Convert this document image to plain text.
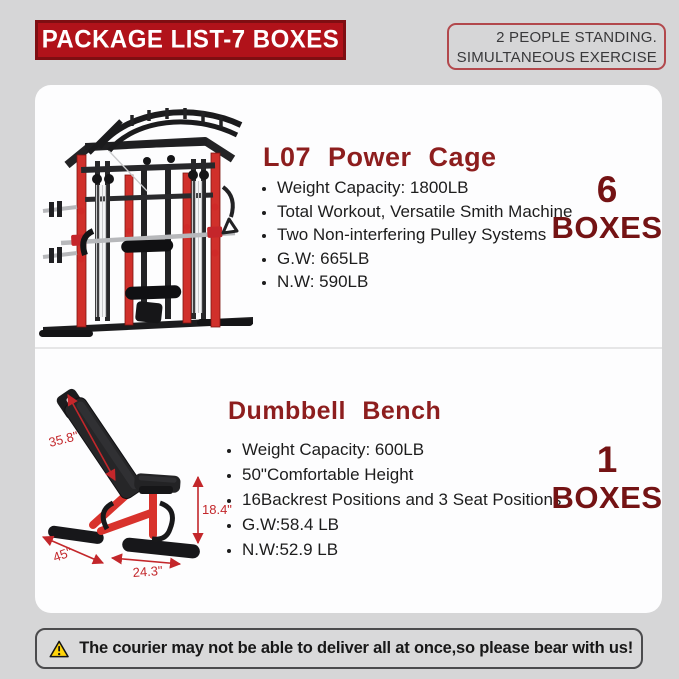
PACKAGE LIST-7 BOXES	2 PEOPLE STANDING.
SIMULTANEOUS EXERCISE
L07 Power Cage
• Weight Capacity: 1800LB
• Total Workout, Versatile Smith Machine
• Two Non-interfering Pulley Systems
• G.W: 665LB
• N.W: 590LB
6
BOXES
35.8"
18.4"
45"
24.3"
Dumbbell Bench
• Weight Capacity: 600LB
• 50"Comfortable Height
• 16Backrest Positions and 3 Seat Positions
• G.W:58.4 LB
• N.W:52.9 LB
1
BOXES
The courier may not be able to deliver all at once,so please bear with us!
